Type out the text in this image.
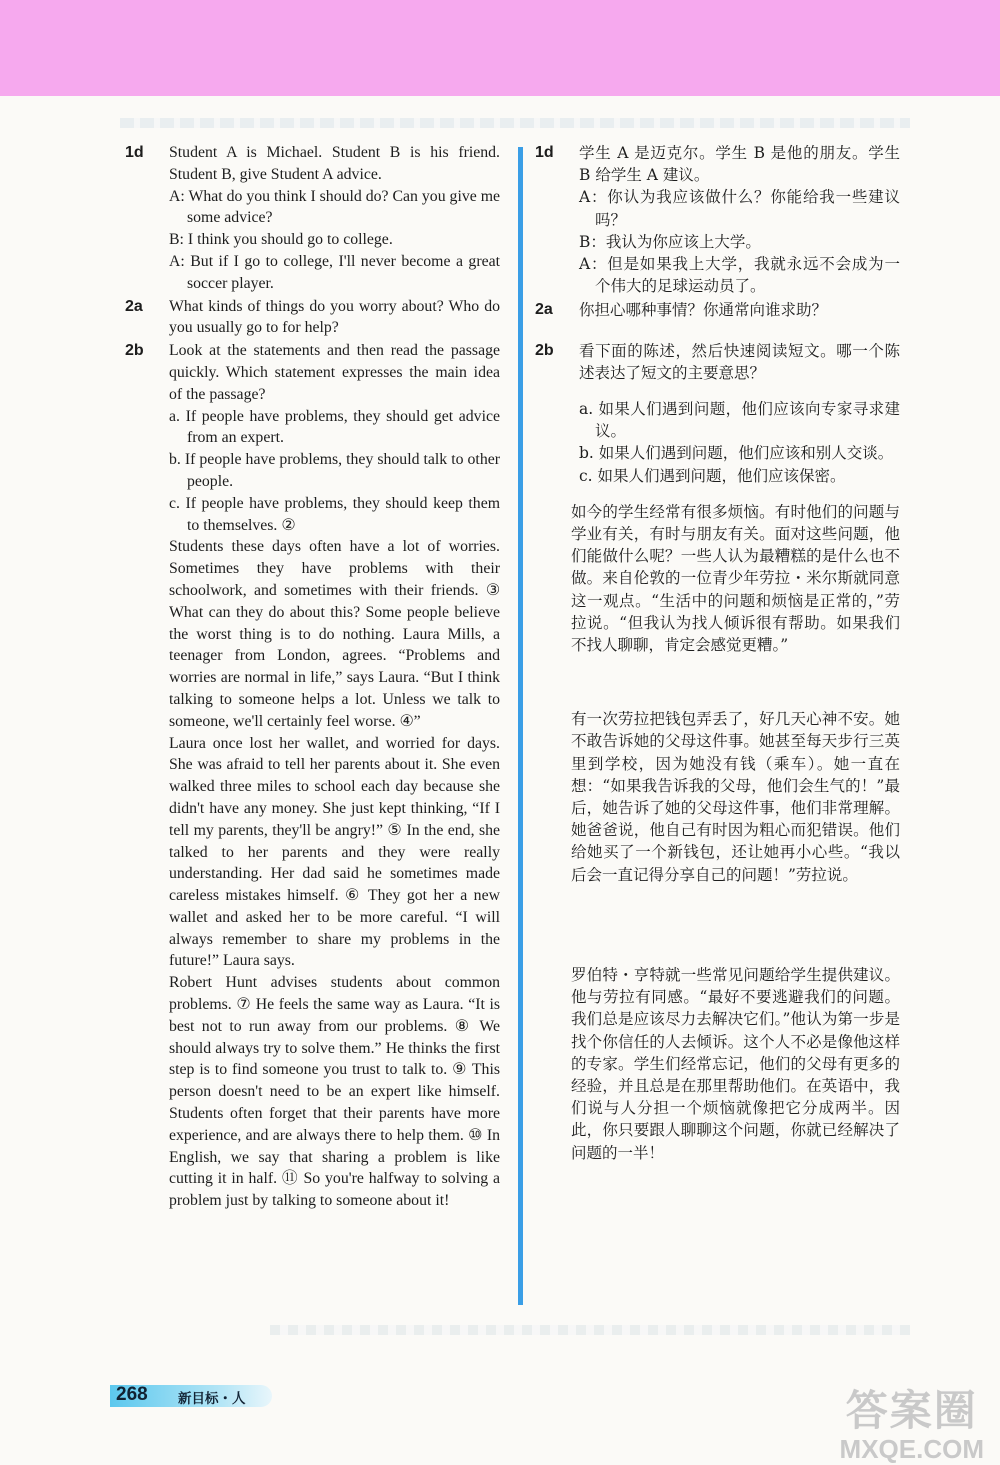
1d Student A is Michael. Student B is his friend. Student B, give Student A advice.

A: What do you think I should do? Can you give me some advice?

B: I think you should go to college.

A: But if I go to college, I'll never become a great soccer player.

2a What kinds of things do you worry about? Who do you usually go to for help?

2b Look at the statements and then read the passage quickly. Which statement expresses the main idea of the passage?

a. If people have problems, they should get advice from an expert.

b. If people have problems, they should talk to other people.

c. If people have problems, they should keep them to themselves. ②

Students these days often have a lot of worries. Sometimes they have problems with their schoolwork, and sometimes with their friends. ③ What can they do about this? Some people believe the worst thing is to do nothing. Laura Mills, a teenager from London, agrees. “Problems and worries are normal in life,” says Laura. “But I think talking to someone helps a lot. Unless we talk to someone, we'll certainly feel worse. ④”

Laura once lost her wallet, and worried for days. She was afraid to tell her parents about it. She even walked three miles to school each day because she didn't have any money. She just kept thinking, “If I tell my parents, they'll be angry!” ⑤ In the end, she talked to her parents and they were really understanding. Her dad said he sometimes made careless mistakes himself. ⑥ They got her a new wallet and asked her to be more careful. “I will always remember to share my problems in the future!” Laura says.

Robert Hunt advises students about common problems. ⑦ He feels the same way as Laura. “It is best not to run away from our problems. ⑧ We should always try to solve them.” He thinks the first step is to find someone you trust to talk to. ⑨ This person doesn't need to be an expert like himself. Students often forget that their parents have more experience, and are always there to help them. ⑩ In English, we say that sharing a problem is like cutting it in half. ⑪ So you're halfway to solving a problem just by talking to someone about it!

1d 学生 A 是迈克尔。学生 B 是他的朋友。学生 B 给学生 A 建议。

A：你认为我应该做什么？你能给我一些建议吗？

B：我认为你应该上大学。

A：但是如果我上大学，我就永远不会成为一个伟大的足球运动员了。

2a 你担心哪种事情？你通常向谁求助？

2b 看下面的陈述，然后快速阅读短文。哪一个陈述表达了短文的主要意思？

a. 如果人们遇到问题，他们应该向专家寻求建议。

b. 如果人们遇到问题，他们应该和别人交谈。

c. 如果人们遇到问题，他们应该保密。

如今的学生经常有很多烦恼。有时他们的问题与学业有关，有时与朋友有关。面对这些问题，他们能做什么呢？一些人认为最糟糕的是什么也不做。来自伦敦的一位青少年劳拉・米尔斯就同意这一观点。“生活中的问题和烦恼是正常的，”劳拉说。“但我认为找人倾诉很有帮助。如果我们不找人聊聊，肯定会感觉更糟。”

有一次劳拉把钱包弄丢了，好几天心神不安。她不敢告诉她的父母这件事。她甚至每天步行三英里到学校，因为她没有钱（乘车）。她一直在想：“如果我告诉我的父母，他们会生气的！”最后，她告诉了她的父母这件事，他们非常理解。她爸爸说，他自己有时因为粗心而犯错误。他们给她买了一个新钱包，还让她再小心些。“我以后会一直记得分享自己的问题！”劳拉说。

罗伯特・亨特就一些常见问题给学生提供建议。他与劳拉有同感。“最好不要逃避我们的问题。我们总是应该尽力去解决它们。”他认为第一步是找个你信任的人去倾诉。这个人不必是像他这样的专家。学生们经常忘记，他们的父母有更多的经验，并且总是在那里帮助他们。在英语中，我们说与人分担一个烦恼就像把它分成两半。因此，你只要跟人聊聊这个问题，你就已经解决了问题的一半！

268 新目标・人	答案圈
MXQE.COM
